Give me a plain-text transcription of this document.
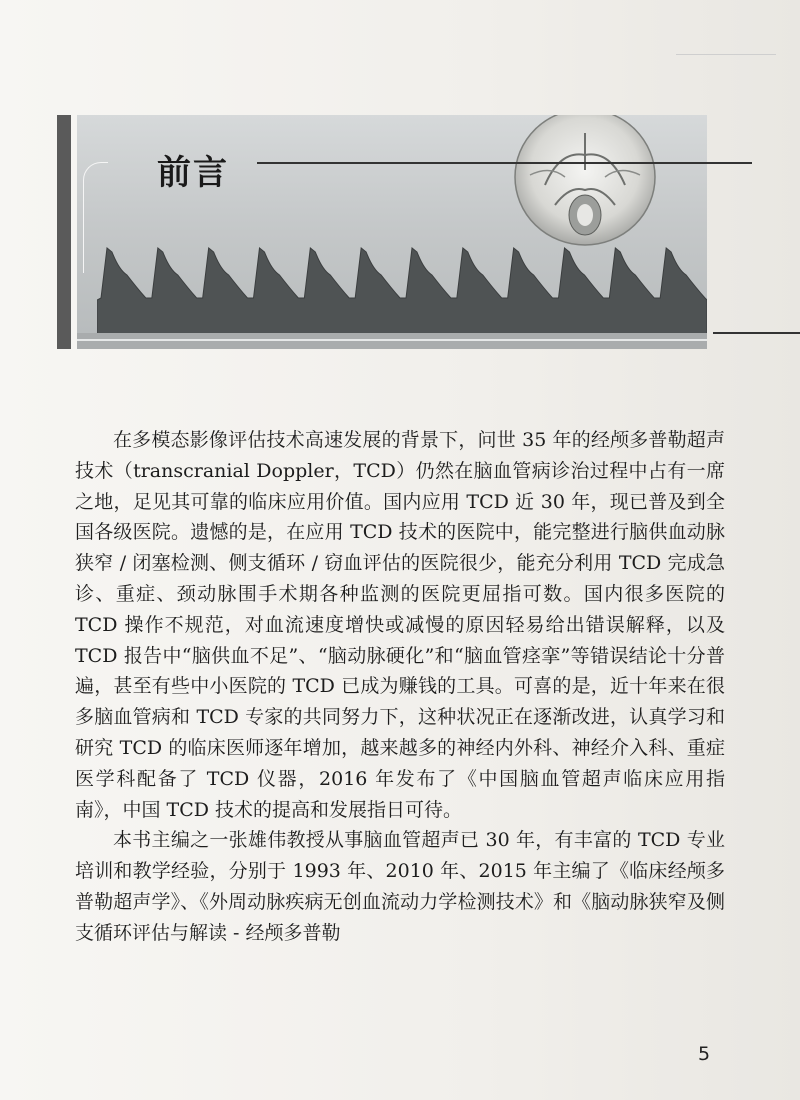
前言

在多模态影像评估技术高速发展的背景下，问世 35 年的经颅多普勒超声技术（transcranial Doppler，TCD）仍然在脑血管病诊治过程中占有一席之地，足见其可靠的临床应用价值。国内应用 TCD 近 30 年，现已普及到全国各级医院。遗憾的是，在应用 TCD 技术的医院中，能完整进行脑供血动脉狭窄 / 闭塞检测、侧支循环 / 窃血评估的医院很少，能充分利用 TCD 完成急诊、重症、颈动脉围手术期各种监测的医院更屈指可数。国内很多医院的 TCD 操作不规范，对血流速度增快或减慢的原因轻易给出错误解释，以及 TCD 报告中“脑供血不足”、“脑动脉硬化”和“脑血管痉挛”等错误结论十分普遍，甚至有些中小医院的 TCD 已成为赚钱的工具。可喜的是，近十年来在很多脑血管病和 TCD 专家的共同努力下，这种状况正在逐渐改进，认真学习和研究 TCD 的临床医师逐年增加，越来越多的神经内外科、神经介入科、重症医学科配备了 TCD 仪器，2016 年发布了《中国脑血管超声临床应用指南》，中国 TCD 技术的提高和发展指日可待。

本书主编之一张雄伟教授从事脑血管超声已 30 年，有丰富的 TCD 专业培训和教学经验，分别于 1993 年、2010 年、2015 年主编了《临床经颅多普勒超声学》、《外周动脉疾病无创血流动力学检测技术》和《脑动脉狭窄及侧支循环评估与解读 - 经颅多普勒

5
